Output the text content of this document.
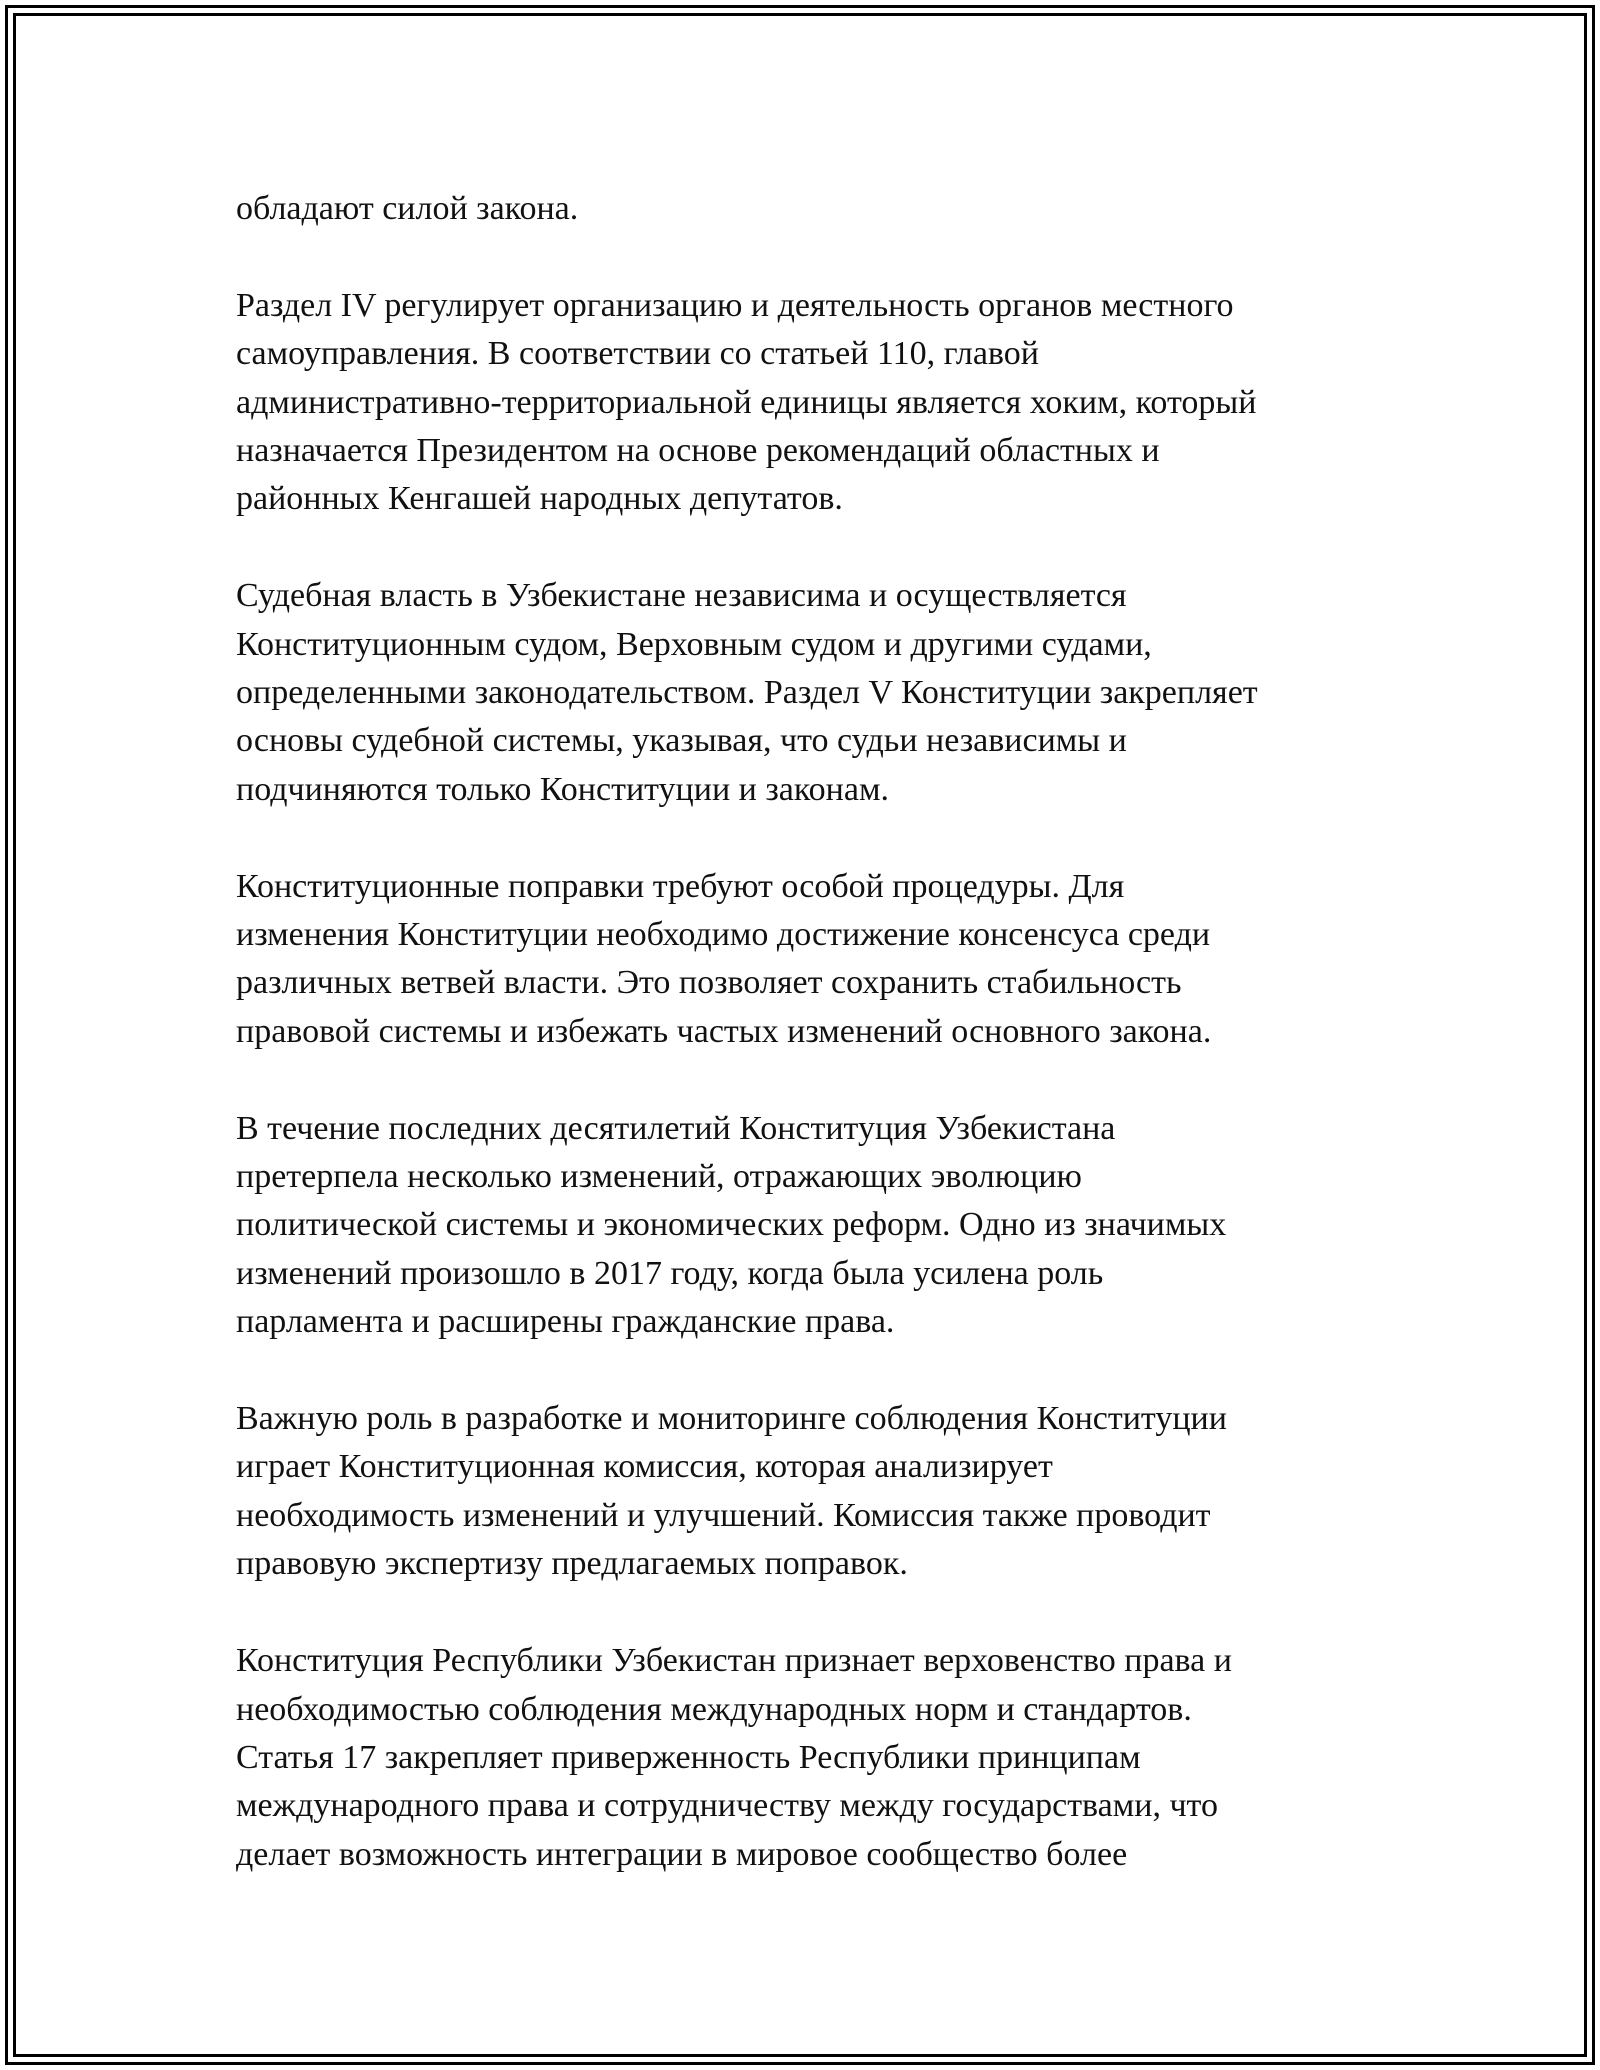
обладают силой закона.
Раздел IV регулирует организацию и деятельность органов местного
самоуправления. В соответствии со статьей 110, главой
административно-территориальной единицы является хоким, который
назначается Президентом на основе рекомендаций областных и
районных Кенгашей народных депутатов.
Судебная власть в Узбекистане независима и осуществляется
Конституционным судом, Верховным судом и другими судами,
определенными законодательством. Раздел V Конституции закрепляет
основы судебной системы, указывая, что судьи независимы и
подчиняются только Конституции и законам.
Конституционные поправки требуют особой процедуры. Для
изменения Конституции необходимо достижение консенсуса среди
различных ветвей власти. Это позволяет сохранить стабильность
правовой системы и избежать частых изменений основного закона.
В течение последних десятилетий Конституция Узбекистана
претерпела несколько изменений, отражающих эволюцию
политической системы и экономических реформ. Одно из значимых
изменений произошло в 2017 году, когда была усилена роль
парламента и расширены гражданские права.
Важную роль в разработке и мониторинге соблюдения Конституции
играет Конституционная комиссия, которая анализирует
необходимость изменений и улучшений. Комиссия также проводит
правовую экспертизу предлагаемых поправок.
Конституция Республики Узбекистан признает верховенство права и
необходимостью соблюдения международных норм и стандартов.
Статья 17 закрепляет приверженность Республики принципам
международного права и сотрудничеству между государствами, что
делает возможность интеграции в мировое сообщество более
